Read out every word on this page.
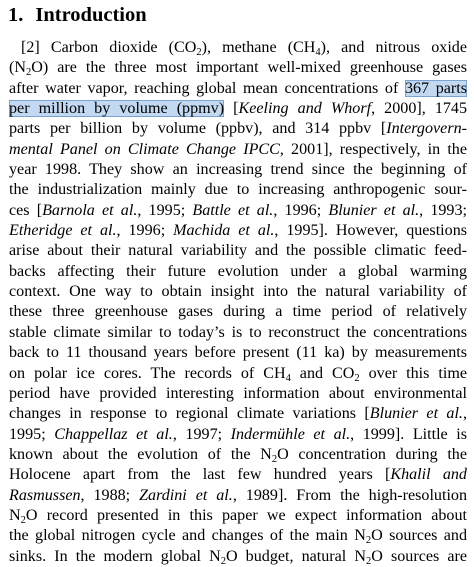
1. Introduction
[2] Carbon dioxide $(CO_2)$, methane $(CH_4)$, and nitrous oxide
$(N_2O)$ are the three most important well-mixed greenhouse gases
after water vapor, reaching global mean concentrations of 367 parts
per million by volume (ppmv) [Keeling and Whorf, 2000], 1745
parts per billion by volume (ppbv), and 314 ppbv [Intergovern-
mental Panel on Climate Change IPCC, 2001], respectively, in the
year 1998. They show an increasing trend since the beginning of
the industrialization mainly due to increasing anthropogenic sour-
ces [Barnola et al., 1995; Battle et al., 1996; Blunier et al., 1993;
Etheridge et al., 1996; Machida et al., 1995]. However, questions
arise about their natural variability and the possible climatic feed-
backs affecting their future evolution under a global warming
context. One way to obtain insight into the natural variability of
these three greenhouse gases during a time period of relatively
stable climate similar to today’s is to reconstruct the concentrations
back to 11 thousand years before present (11 ka) by measurements
on polar ice cores. The records of $CH_4$ and $CO_2$ over this time
period have provided interesting information about environmental
changes in response to regional climate variations [Blunier et al.,
1995; Chappellaz et al., 1997; Indermühle et al., 1999]. Little is
known about the evolution of the $N_2O$ concentration during the
Holocene apart from the last few hundred years [Khalil and
Rasmussen, 1988; Zardini et al., 1989]. From the high-resolution
$N_2O$ record presented in this paper we expect information about
the global nitrogen cycle and changes of the main $N_2O$ sources and
sinks. In the modern global $N_2O$ budget, natural $N_2O$ sources are
